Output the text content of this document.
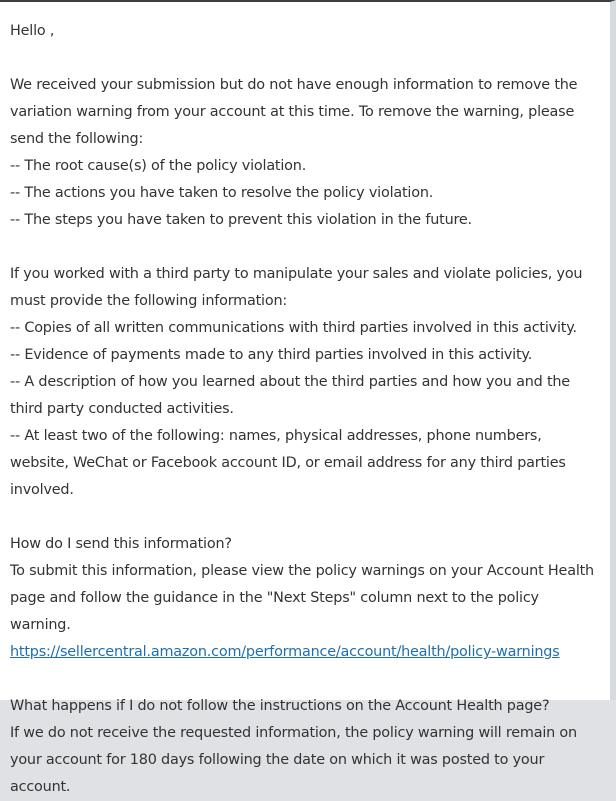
Hello ,

We received your submission but do not have enough information to remove the variation warning from your account at this time. To remove the warning, please send the following:

-- The root cause(s) of the policy violation.

-- The actions you have taken to resolve the policy violation.

-- The steps you have taken to prevent this violation in the future.

If you worked with a third party to manipulate your sales and violate policies, you must provide the following information:

-- Copies of all written communications with third parties involved in this activity.

-- Evidence of payments made to any third parties involved in this activity.

-- A description of how you learned about the third parties and how you and the third party conducted activities.

-- At least two of the following: names, physical addresses, phone numbers, website, WeChat or Facebook account ID, or email address for any third parties involved.

How do I send this information?

To submit this information, please view the policy warnings on your Account Health page and follow the guidance in the "Next Steps" column next to the policy warning.

https://sellercentral.amazon.com/performance/account/health/policy-warnings

What happens if I do not follow the instructions on the Account Health page?

If we do not receive the requested information, the policy warning will remain on your account for 180 days following the date on which it was posted to your account.
